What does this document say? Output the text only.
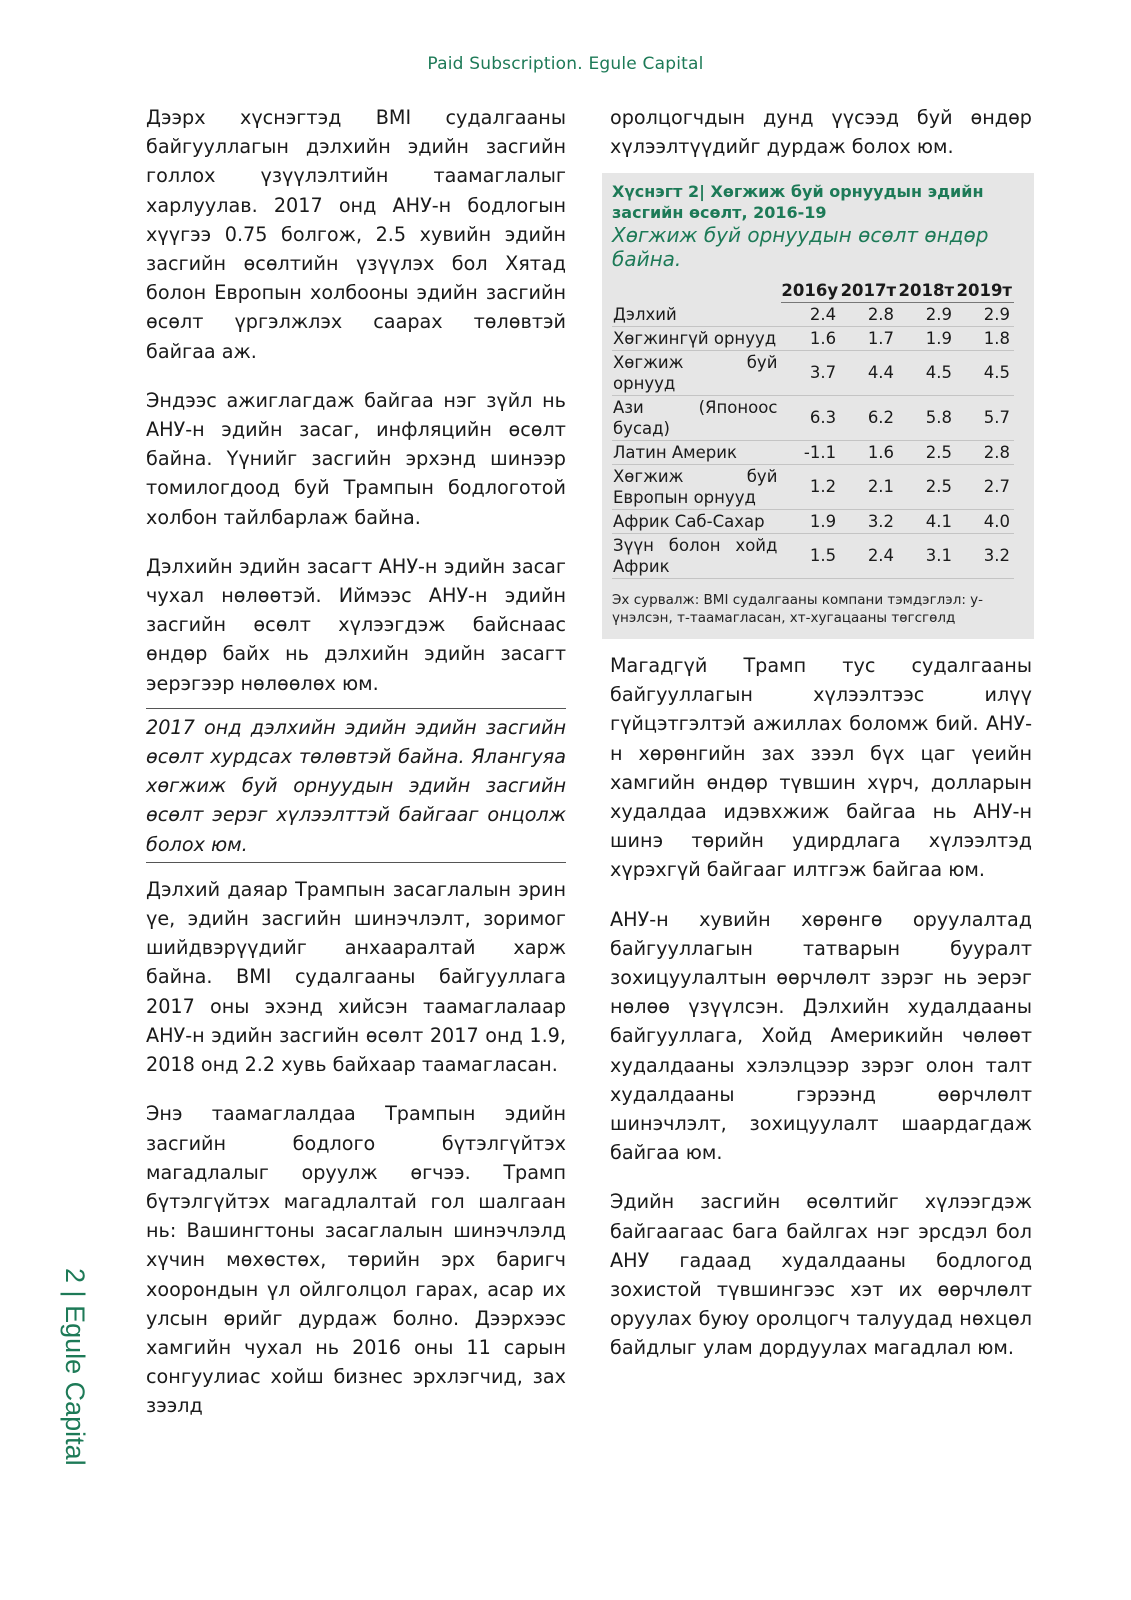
Paid Subscription. Egule Capital
2 | Egule Capital

Дээрх хүснэгтэд BMI судалгааны байгууллагын дэлхийн эдийн засгийн голлох үзүүлэлтийн таамаглалыг харлуулав. 2017 онд АНУ-н бодлогын хүүгээ 0.75 болгож, 2.5 хувийн эдийн засгийн өсөлтийн үзүүлэх бол Хятад болон Европын холбооны эдийн засгийн өсөлт үргэлжлэх саарах төлөвтэй байгаа аж.

Эндээс ажиглагдаж байгаа нэг зүйл нь АНУ-н эдийн засаг, инфляцийн өсөлт байна. Үүнийг засгийн эрхэнд шинээр томилогдоод буй Трампын бодлоготой холбон тайлбарлаж байна.

Дэлхийн эдийн засагт АНУ-н эдийн засаг чухал нөлөөтэй. Иймээс АНУ-н эдийн засгийн өсөлт хүлээгдэж байснаас өндөр байх нь дэлхийн эдийн засагт эерэгээр нөлөөлөх юм.

2017 онд дэлхийн эдийн эдийн засгийн өсөлт хурдсах төлөвтэй байна. Ялангуяа хөгжиж буй орнуудын эдийн засгийн өсөлт эерэг хүлээлттэй байгааг онцолж болох юм.

Дэлхий даяар Трампын засаглалын эрин үе, эдийн засгийн шинэчлэлт, зоримог шийдвэрүүдийг анхааралтай харж байна. BMI судалгааны байгууллага 2017 оны эхэнд хийсэн таамаглалаар АНУ-н эдийн засгийн өсөлт 2017 онд 1.9, 2018 онд 2.2 хувь байхаар таамагласан.

Энэ таамаглалдаа Трампын эдийн засгийн бодлого бүтэлгүйтэх магадлалыг оруулж өгчээ. Трамп бүтэлгүйтэх магадлалтай гол шалгаан нь: Вашингтоны засаглалын шинэчлэлд хүчин мөхөстөх, төрийн эрх баригч хоорондын үл ойлголцол гарах, асар их улсын өрийг дурдаж болно. Дээрхээс хамгийн чухал нь 2016 оны 11 сарын сонгуулиас хойш бизнес эрхлэгчид, зах зээлд

оролцогчдын дунд үүсээд буй өндөр хүлээлтүүдийг дурдаж болох юм.

Хүснэгт 2| Хөгжиж буй орнуудын эдийн засгийн өсөлт, 2016-19
Хөгжиж буй орнуудын өсөлт өндөр байна.
	2016у	2017т	2018т	2019т
Дэлхий	2.4	2.8	2.9	2.9
Хөгжингүй орнууд	1.6	1.7	1.9	1.8
Хөгжиж буй орнууд	3.7	4.4	4.5	4.5
Ази (Японоос бусад)	6.3	6.2	5.8	5.7
Латин Америк	-1.1	1.6	2.5	2.8
Хөгжиж буй Европын орнууд	1.2	2.1	2.5	2.7
Африк Саб-Сахар	1.9	3.2	4.1	4.0
Зүүн болон хойд Африк	1.5	2.4	3.1	3.2
Эх сурвалж: BMI судалгааны компани тэмдэглэл: у-үнэлсэн, т-таамагласан, хт-хугацааны төгсгөлд

Магадгүй Трамп тус судалгааны байгууллагын хүлээлтээс илүү гүйцэтгэлтэй ажиллах боломж бий. АНУ-н хөрөнгийн зах зээл бүх цаг үеийн хамгийн өндөр түвшин хүрч, долларын худалдаа идэвхжиж байгаа нь АНУ-н шинэ төрийн удирдлага хүлээлтэд хүрэхгүй байгааг илтгэж байгаа юм.

АНУ-н хувийн хөрөнгө оруулалтад байгууллагын татварын бууралт зохицуулалтын өөрчлөлт зэрэг нь эерэг нөлөө үзүүлсэн. Дэлхийн худалдааны байгууллага, Хойд Америкийн чөлөөт худалдааны хэлэлцээр зэрэг олон талт худалдааны гэрээнд өөрчлөлт шинэчлэлт, зохицуулалт шаардагдаж байгаа юм.

Эдийн засгийн өсөлтийг хүлээгдэж байгаагаас бага байлгах нэг эрсдэл бол АНУ гадаад худалдааны бодлогод зохистой түвшингээс хэт их өөрчлөлт оруулах буюу оролцогч талуудад нөхцөл байдлыг улам дордуулах магадлал юм.
